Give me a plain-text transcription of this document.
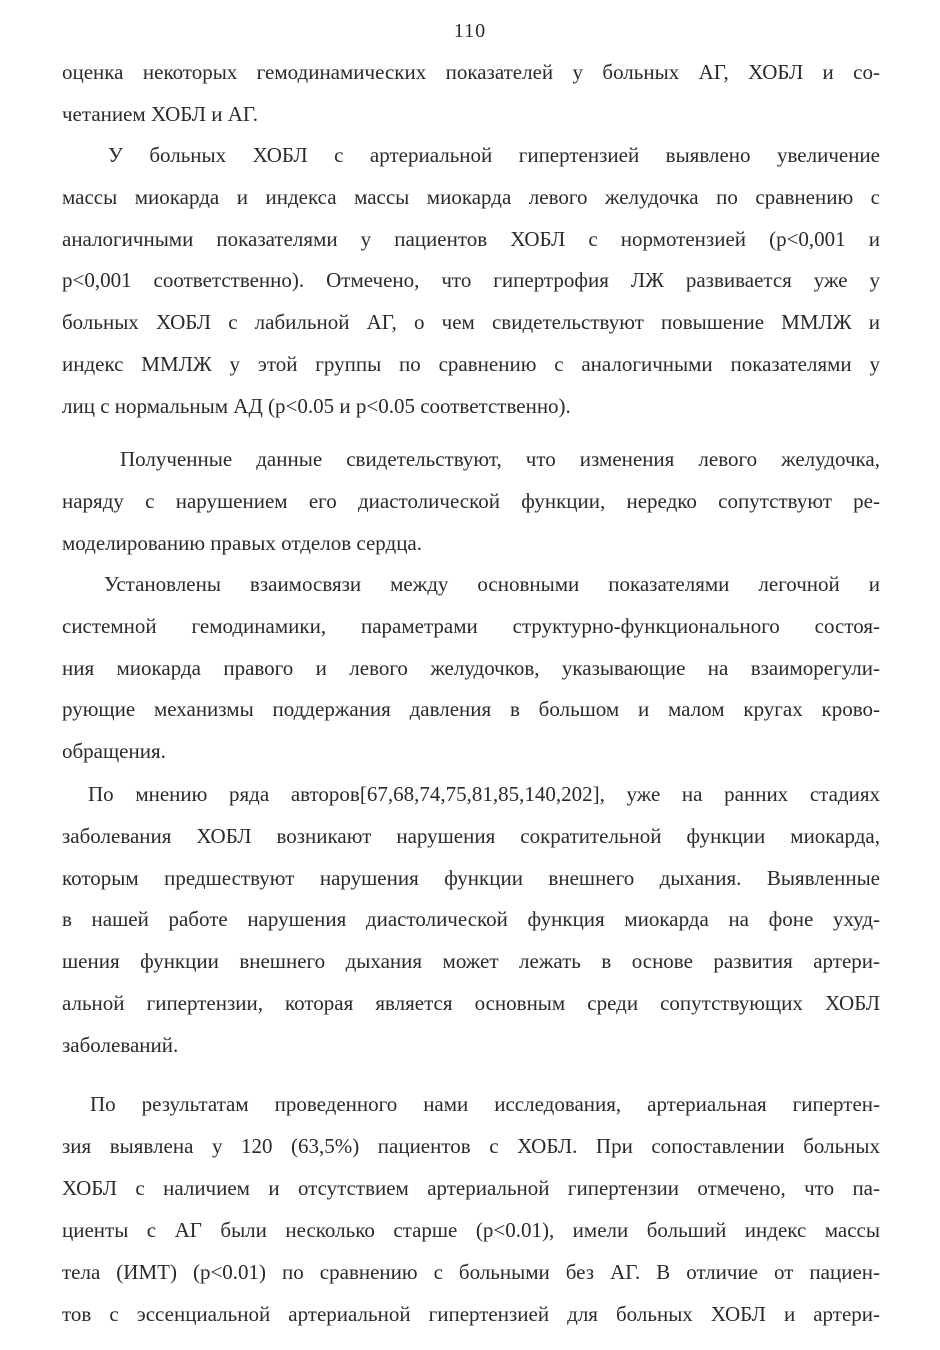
110
оценка некоторых гемодинамических показателей у больных АГ, ХОБЛ и со-
четанием ХОБЛ и АГ.
У больных ХОБЛ с артериальной гипертензией выявлено увеличение
массы миокарда и индекса массы миокарда левого желудочка по сравнению с
аналогичными показателями у пациентов ХОБЛ с нормотензией (р<0,001 и
р<0,001 соответственно). Отмечено, что гипертрофия ЛЖ развивается уже у
больных ХОБЛ с лабильной АГ, о чем свидетельствуют повышение ММЛЖ и
индекс ММЛЖ у этой группы по сравнению с аналогичными показателями у
лиц с нормальным АД (р<0.05 и р<0.05 соответственно).
Полученные данные свидетельствуют, что изменения левого желудочка,
наряду с нарушением его диастолической функции, нередко сопутствуют ре-
моделированию правых отделов сердца.
Установлены взаимосвязи между основными показателями легочной и
системной гемодинамики, параметрами структурно-функционального состоя-
ния миокарда правого и левого желудочков, указывающие на взаиморегули-
рующие механизмы поддержания давления в большом и малом кругах крово-
обращения.
По мнению ряда авторов[67,68,74,75,81,85,140,202], уже на ранних стадиях
заболевания ХОБЛ возникают нарушения сократительной функции миокарда,
которым предшествуют нарушения функции внешнего дыхания. Выявленные
в нашей работе нарушения диастолической функция миокарда на фоне ухуд-
шения функции внешнего дыхания может лежать в основе развития артери-
альной гипертензии, которая является основным среди сопутствующих ХОБЛ
заболеваний.
По результатам проведенного нами исследования, артериальная гипертен-
зия выявлена у 120 (63,5%) пациентов с ХОБЛ. При сопоставлении больных
ХОБЛ с наличием и отсутствием артериальной гипертензии отмечено, что па-
циенты с АГ были несколько старше (р<0.01), имели больший индекс массы
тела (ИМТ) (р<0.01) по сравнению с больными без АГ. В отличие от пациен-
тов с эссенциальной артериальной гипертензией для больных ХОБЛ и артери-
